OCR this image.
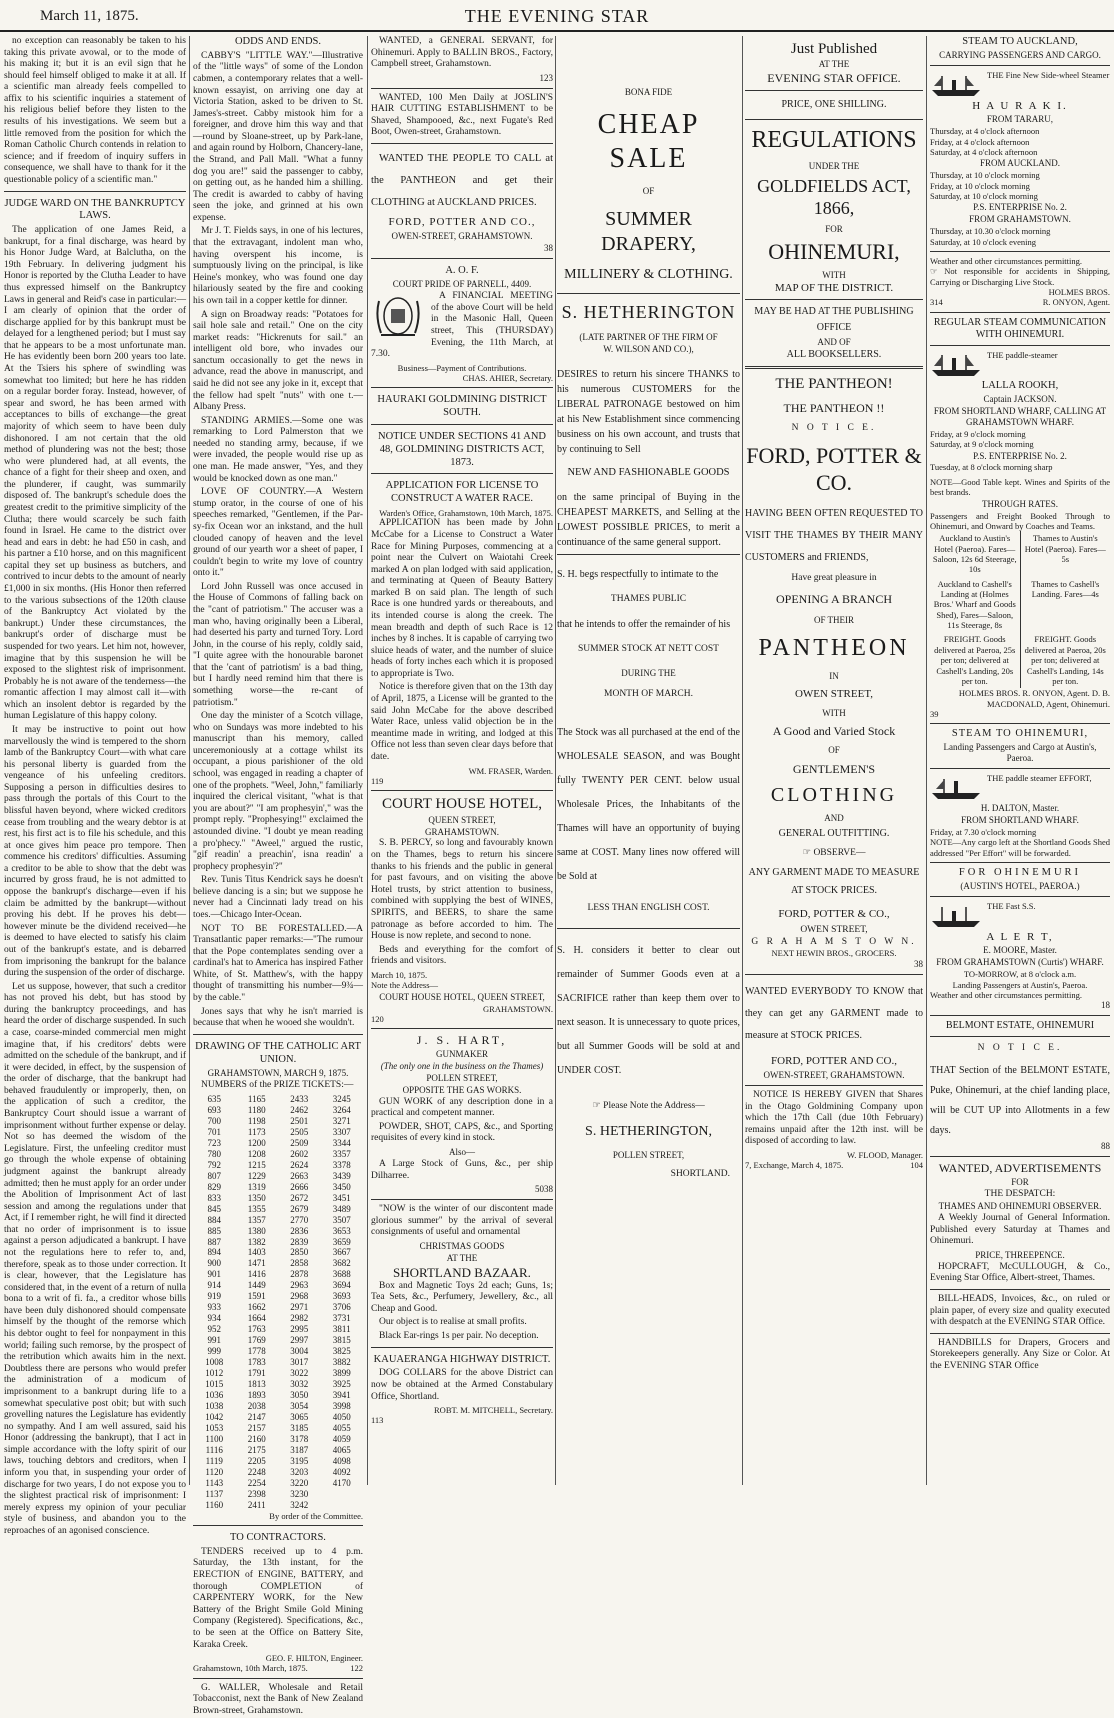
March 11, 1875.	THE EVENING STAR

no exception can reasonably be taken to his taking this private avowal, or to the mode of his making it; but it is an evil sign that he should feel himself obliged to make it at all. If a scientific man already feels compelled to affix to his scientific inquiries a statement of his religious belief before they listen to the results of his investigations. We seem but a little removed from the position for which the Roman Catholic Church contends in relation to science; and if freedom of inquiry suffers in consequence, we shall have to thank for it the questionable policy of a scientific man."

JUDGE WARD ON THE BANKRUPTCY LAWS.

The application of one James Reid, a bankrupt, for a final discharge, was heard by his Honor Judge Ward, at Balclutha, on the 19th February. In delivering judgment his Honor is reported by the Clutha Leader to have thus expressed himself on the Bankruptcy Laws in general and Reid's case in particular:—I am clearly of opinion that the order of discharge applied for by this bankrupt must be delayed for a lengthened period; but I must say that he appears to be a most unfortunate man. He has evidently been born 200 years too late. At the Tsiers his sphere of swindling was somewhat too limited; but here he has ridden on a regular border foray. Instead, however, of spear and sword, he has been armed with acceptances to bills of exchange—the great majority of which seem to have been duly dishonored. I am not certain that the old method of plundering was not the best; those who were plundered had, at all events, the chance of a fight for their sheep and oxen, and the plunderer, if caught, was summarily disposed of. The bankrupt's schedule does the greatest credit to the primitive simplicity of the Clutha; there would scarcely be such faith found in Israel. He came to the district over head and ears in debt: he had £50 in cash, and his partner a £10 horse, and on this magnificent capital they set up business as butchers, and contrived to incur debts to the amount of nearly £1,000 in six months. (His Honor then referred to the various subsections of the 120th clause of the Bankruptcy Act violated by the bankrupt.) Under these circumstances, the bankrupt's order of discharge must be suspended for two years. Let him not, however, imagine that by this suspension he will be exposed to the slightest risk of imprisonment. Probably he is not aware of the tenderness—the romantic affection I may almost call it—with which an insolent debtor is regarded by the human Legislature of this happy colony.

It may be instructive to point out how marvellously the wind is tempered to the shorn lamb of the Bankruptcy Court—with what care his personal liberty is guarded from the vengeance of his unfeeling creditors. Supposing a person in difficulties desires to pass through the portals of this Court to the blissful haven beyond, where wicked creditors cease from troubling and the weary debtor is at rest, his first act is to file his schedule, and this at once gives him peace pro tempore. Then commence his creditors' difficulties. Assuming a creditor to be able to show that the debt was incurred by gross fraud, he is not admitted to oppose the bankrupt's discharge—even if his claim be admitted by the bankrupt—without proving his debt. If he proves his debt—however minute be the dividend received—he is deemed to have elected to satisfy his claim out of the bankrupt's estate, and is debarred from imprisoning the bankrupt for the balance during the suspension of the order of discharge.

Let us suppose, however, that such a creditor has not proved his debt, but has stood by during the bankruptcy proceedings, and has heard the order of discharge suspended. In such a case, coarse-minded commercial men might imagine that, if his creditors' debts were admitted on the schedule of the bankrupt, and if it were decided, in effect, by the suspension of the order of discharge, that the bankrupt had behaved fraudulently or improperly, then, on the application of such a creditor, the Bankruptcy Court should issue a warrant of imprisonment without further expense or delay. Not so has deemed the wisdom of the Legislature. First, the unfeeling creditor must go through the whole expense of obtaining judgment against the bankrupt already admitted; then he must apply for an order under the Abolition of Imprisonment Act of last session and among the regulations under that Act, if I remember right, he will find it directed that no order of imprisonment is to issue against a person adjudicated a bankrupt. I have not the regulations here to refer to, and, therefore, speak as to those under correction. It is clear, however, that the Legislature has considered that, in the event of a return of nulla bona to a writ of fi. fa., a creditor whose bills have been duly dishonored should compensate himself by the thought of the remorse which his debtor ought to feel for nonpayment in this world; failing such remorse, by the prospect of the retribution which awaits him in the next. Doubtless there are persons who would prefer the administration of a modicum of imprisonment to a bankrupt during life to a somewhat speculative post obit; but with such grovelling natures the Legislature has evidently no sympathy. And I am well assured, said his Honor (addressing the bankrupt), that I act in simple accordance with the lofty spirit of our laws, touching debtors and creditors, when I inform you that, in suspending your order of discharge for two years, I do not expose you to the slightest practical risk of imprisonment: I merely express my opinion of your peculiar style of business, and abandon you to the reproaches of an agonised conscience.

ODDS AND ENDS.

CABBY'S "LITTLE WAY."—Illustrative of the "little ways" of some of the London cabmen, a contemporary relates that a well-known essayist, on arriving one day at Victoria Station, asked to be driven to St. James's-street. Cabby mistook him for a foreigner, and drove him this way and that—round by Sloane-street, up by Park-lane, and again round by Holborn, Chancery-lane, the Strand, and Pall Mall. "What a funny dog you are!" said the passenger to cabby, on getting out, as he handed him a shilling. The credit is awarded to cabby of having seen the joke, and grinned at his own expense.

Mr J. T. Fields says, in one of his lectures, that the extravagant, indolent man who, having overspent his income, is sumptuously living on the principal, is like Heine's monkey, who was found one day hilariously seated by the fire and cooking his own tail in a copper kettle for dinner.

A sign on Broadway reads: "Potatoes for sail hole sale and retail." One on the city market reads: "Hickrenuts for sail." an intelligent old bore, who invades our sanctum occasionally to get the news in advance, read the above in manuscript, and said he did not see any joke in it, except that the fellow had spelt "nuts" with one t.—Albany Press.

STANDING ARMIES.—Some one was remarking to Lord Palmerston that we needed no standing army, because, if we were invaded, the people would rise up as one man. He made answer, "Yes, and they would be knocked down as one man."

LOVE OF COUNTRY.—A Western stump orator, in the course of one of his speeches remarked, "Gentlemen, if the Par-sy-fix Ocean wor an inkstand, and the hull clouded canopy of heaven and the level ground of our yearth wor a sheet of paper, I couldn't begin to write my love of country onto it."

Lord John Russell was once accused in the House of Commons of falling back on the "cant of patriotism." The accuser was a man who, having originally been a Liberal, had deserted his party and turned Tory. Lord John, in the course of his reply, coldly said, "I quite agree with the honourable baronet that the 'cant of patriotism' is a bad thing, but I hardly need remind him that there is something worse—the re-cant of patriotism."

One day the minister of a Scotch village, who on Sundays was more indebted to his manuscript than his memory, called unceremoniously at a cottage whilst its occupant, a pious parishioner of the old school, was engaged in reading a chapter of one of the prophets. "Weel, John," familiarly inquired the clerical visitant, "what is that you are about?" "I am prophesyin'," was the prompt reply. "Prophesying!" exclaimed the astounded divine. "I doubt ye mean reading a pro'phecy." "Aweel," argued the rustic, "gif readin' a preachin', isna readin' a prophecy prophesyin'?"

Rev. Tunis Titus Kendrick says he doesn't believe dancing is a sin; but we suppose he never had a Cincinnati lady tread on his toes.—Chicago Inter-Ocean.

NOT TO BE FORESTALLED.—A Transatlantic paper remarks:—"The rumour that the Pope contemplates sending over a cardinal's hat to America has inspired Father White, of St. Matthew's, with the happy thought of transmitting his number—9¾—by the cable."

Jones says that why he isn't married is because that when he wooed she wouldn't.

DRAWING OF THE CATHOLIC ART UNION.
GRAHAMSTOWN, MARCH 9, 1875.

NUMBERS of the PRIZE TICKETS:—

635	1165	2433	3245
693	1180	2462	3264
700	1198	2501	3271
701	1173	2505	3307
723	1200	2509	3344
780	1208	2602	3357
792	1215	2624	3378
807	1229	2663	3439
829	1319	2666	3450
833	1350	2672	3451
845	1355	2679	3489
884	1357	2770	3507
885	1380	2836	3653
887	1382	2839	3659
894	1403	2850	3667
900	1471	2858	3682
901	1416	2878	3688
914	1449	2963	3694
919	1591	2968	3693
933	1662	2971	3706
934	1664	2982	3731
952	1763	2995	3811
991	1769	2997	3815
999	1778	3004	3825
1008	1783	3017	3882
1012	1791	3022	3899
1015	1813	3032	3925
1036	1893	3050	3941
1038	2038	3054	3998
1042	2147	3065	4050
1053	2157	3185	4055
1100	2160	3178	4059
1116	2175	3187	4065
1119	2205	3195	4098
1120	2248	3203	4092
1143	2254	3220	4170
1137	2398	3230	
1160	2411	3242	
By order of the Committee.
TO CONTRACTORS.

TENDERS received up to 4 p.m. Saturday, the 13th instant, for the ERECTION of ENGINE, BATTERY, and thorough COMPLETION of CARPENTERY WORK, for the New Battery of the Bright Smile Gold Mining Company (Registered). Specifications, &c., to be seen at the Office on Battery Site, Karaka Creek.

GEO. F. HILTON, Engineer.
Grahamstown, 10th March, 1875.	122

G. WALLER, Wholesale and Retail Tobacconist, next the Bank of New Zealand Brown-street, Grahamstown.

WANTED, a GENERAL SERVANT, for Ohinemuri. Apply to BALLIN BROS., Factory, Campbell street, Grahamstown.

123

WANTED, 100 Men Daily at JOSLIN'S HAIR CUTTING ESTABLISHMENT to be Shaved, Shampooed, &c., next Fugate's Red Boot, Owen-street, Grahamstown.

WANTED THE PEOPLE TO CALL at the PANTHEON and get their CLOTHING at AUCKLAND PRICES.

FORD, POTTER AND CO.,
OWEN-STREET, GRAHAMSTOWN.
38
A. O. F.
COURT PRIDE OF PARNELL, 4409.

A FINANCIAL MEETING of the above Court will be held in the Masonic Hall, Queen street, This (THURSDAY) Evening, the 11th March, at 7.30.

Business—Payment of Contributions.
CHAS. AHIER, Secretary.
HAURAKI GOLDMINING DISTRICT SOUTH.
NOTICE UNDER SECTIONS 41 AND 48, GOLDMINING DISTRICTS ACT, 1873.
APPLICATION FOR LICENSE TO CONSTRUCT A WATER RACE.
Warden's Office, Grahamstown, 10th March, 1875.

APPLICATION has been made by John McCabe for a License to Construct a Water Race for Mining Purposes, commencing at a point near the Culvert on Waiotahi Creek marked A on plan lodged with said application, and terminating at Queen of Beauty Battery marked B on said plan. The length of such Race is one hundred yards or thereabouts, and its intended course is along the creek. The mean breadth and depth of such Race is 12 inches by 8 inches. It is capable of carrying two sluice heads of water, and the number of sluice heads of forty inches each which it is proposed to appropriate is Two.

Notice is therefore given that on the 13th day of April, 1875, a License will be granted to the said John McCabe for the above described Water Race, unless valid objection be in the meantime made in writing, and lodged at this Office not less than seven clear days before that date.

WM. FRASER, Warden.
119
COURT HOUSE HOTEL,
QUEEN STREET,
GRAHAMSTOWN.

S. B. PERCY, so long and favourably known on the Thames, begs to return his sincere thanks to his friends and the public in general for past favours, and on visiting the above Hotel trusts, by strict attention to business, combined with supplying the best of WINES, SPIRITS, and BEERS, to share the same patronage as before accorded to him. The House is now replete, and second to none.

Beds and everything for the comfort of friends and visitors.

March 10, 1875.
Note the Address—
COURT HOUSE HOTEL, QUEEN STREET,
GRAHAMSTOWN.
120
J. S. HART,
GUNMAKER
(The only one in the business on the Thames)
POLLEN STREET,
OPPOSITE THE GAS WORKS.

GUN WORK of any description done in a practical and competent manner.

POWDER, SHOT, CAPS, &c., and Sporting requisites of every kind in stock.

Also—

A Large Stock of Guns, &c., per ship Dilharree.

5038

"NOW is the winter of our discontent made glorious summer" by the arrival of several consignments of useful and ornamental

CHRISTMAS GOODS
AT THE
SHORTLAND BAZAAR.

Box and Magnetic Toys 2d each; Guns, 1s; Tea Sets, &c., Perfumery, Jewellery, &c., all Cheap and Good.

Our object is to realise at small profits.

Black Ear-rings 1s per pair. No deception.

KAUAERANGA HIGHWAY DISTRICT.

DOG COLLARS for the above District can now be obtained at the Armed Constabulary Office, Shortland.

ROBT. M. MITCHELL, Secretary.
113
BONA FIDE
CHEAP SALE
OF
SUMMER DRAPERY,
MILLINERY & CLOTHING.
S. HETHERINGTON
(LATE PARTNER OF THE FIRM OF
W. WILSON AND CO.),
DESIRES to return his sincere THANKS to his numerous CUSTOMERS for the LIBERAL PATRONAGE bestowed on him at his New Establishment since commencing business on his own account, and trusts that by continuing to Sell
NEW AND FASHIONABLE GOODS
on the same principal of Buying in the CHEAPEST MARKETS, and Selling at the LOWEST POSSIBLE PRICES, to merit a continuance of the same general support.
S. H. begs respectfully to intimate to the
THAMES PUBLIC
that he intends to offer the remainder of his
SUMMER STOCK AT NETT COST
DURING THE
MONTH OF MARCH.
The Stock was all purchased at the end of the WHOLESALE SEASON, and was Bought fully TWENTY PER CENT. below usual Wholesale Prices, the Inhabitants of the Thames will have an opportunity of buying same at COST. Many lines now offered will be Sold at
LESS THAN ENGLISH COST.
S. H. considers it better to clear out remainder of Summer Goods even at a SACRIFICE rather than keep them over to next season. It is unnecessary to quote prices, but all Summer Goods will be sold at and UNDER COST.
☞ Please Note the Address—
S. HETHERINGTON,
POLLEN STREET,
SHORTLAND.
Just Published
AT THE
EVENING STAR OFFICE.
PRICE, ONE SHILLING.
REGULATIONS
UNDER THE
GOLDFIELDS ACT, 1866,
FOR
OHINEMURI,
WITH
MAP OF THE DISTRICT.
MAY BE HAD AT THE PUBLISHING OFFICE
AND OF
ALL BOOKSELLERS.
THE PANTHEON!
THE PANTHEON !!
N O T I C E.
FORD, POTTER & CO.
HAVING BEEN OFTEN REQUESTED TO VISIT THE THAMES BY THEIR MANY CUSTOMERS and FRIENDS,
Have great pleasure in
OPENING A BRANCH
OF THEIR
PANTHEON
IN
OWEN STREET,
WITH
A Good and Varied Stock
OF
GENTLEMEN'S
CLOTHING
AND
GENERAL OUTFITTING.
☞ OBSERVE—
ANY GARMENT MADE TO MEASURE AT STOCK PRICES.
FORD, POTTER & CO.,
OWEN STREET,
G R A H A M S T O W N.
NEXT HEWIN BROS., GROCERS.
38
WANTED EVERYBODY TO KNOW that they can get any GARMENT made to measure at STOCK PRICES.
FORD, POTTER AND CO.,
OWEN-STREET, GRAHAMSTOWN.

NOTICE IS HEREBY GIVEN that Shares in the Otago Goldmining Company upon which the 17th Call (due 10th February) remains unpaid after the 12th inst. will be disposed of according to law.

W. FLOOD, Manager.
7, Exchange, March 4, 1875.	104
STEAM TO AUCKLAND,
CARRYING PASSENGERS AND CARGO.
THE Fine New Side-wheel Steamer
H A U R A K I.
FROM TARARU,
Thursday, at 4 o'clock afternoon
Friday, at 4 o'clock afternoon
Saturday, at 4 o'clock afternoon
FROM AUCKLAND.
Thursday, at 10 o'clock morning
Friday, at 10 o'clock morning
Saturday, at 10 o'clock morning
P.S. ENTERPRISE No. 2.
FROM GRAHAMSTOWN.
Thursday, at 10.30 o'clock morning
Saturday, at 10 o'clock evening
Weather and other circumstances permitting.
☞ Not responsible for accidents in Shipping, Carrying or Discharging Live Stock.
HOLMES BROS.
314	R. ONYON, Agent.
REGULAR STEAM COMMUNICATION WITH OHINEMURI.
THE paddle-steamer
LALLA ROOKH,
Captain JACKSON.
FROM SHORTLAND WHARF, CALLING AT GRAHAMSTOWN WHARF.
Friday, at 9 o'clock morning
Saturday, at 9 o'clock morning
P.S. ENTERPRISE No. 2.
Tuesday, at 8 o'clock morning sharp
NOTE—Good Table kept. Wines and Spirits of the best brands.
THROUGH RATES.
Passengers and Freight Booked Through to Ohinemuri, and Onward by Coaches and Teams.
Auckland to Austin's Hotel (Paeroa). Fares—Saloon, 12s 6d Steerage, 10s	Thames to Austin's Hotel (Paeroa). Fares—5s
Auckland to Cashell's Landing at (Holmes Bros.' Wharf and Goods Shed), Fares—Saloon, 11s Steerage, 8s	Thames to Cashell's Landing. Fares—4s
FREIGHT. Goods delivered at Paeroa, 25s per ton; delivered at Cashell's Landing, 20s per ton.	FREIGHT. Goods delivered at Paeroa, 20s per ton; delivered at Cashell's Landing, 14s per ton.
HOLMES BROS. R. ONYON, Agent. D. B. MACDONALD, Agent, Ohinemuri.
39
STEAM TO OHINEMURI,
Landing Passengers and Cargo at Austin's, Paeroa.
THE paddle steamer EFFORT,
H. DALTON, Master.
FROM SHORTLAND WHARF.
Friday, at 7.30 o'clock morning
NOTE—Any cargo left at the Shortland Goods Shed addressed "Per Effort" will be forwarded.
FOR OHINEMURI
(AUSTIN'S HOTEL, PAEROA.)
THE Fast S.S.
A L E R T,
E. MOORE, Master.
FROM GRAHAMSTOWN (Curtis') WHARF.
TO-MORROW, at 8 o'clock a.m.
Landing Passengers at Austin's, Paeroa.
Weather and other circumstances permitting.
18
BELMONT ESTATE, OHINEMURI
N O T I C E.
THAT Section of the BELMONT ESTATE, Puke, Ohinemuri, at the chief landing place, will be CUT UP into Allotments in a few days.
88
WANTED, ADVERTISEMENTS
FOR
THE DESPATCH:
THAMES AND OHINEMURI OBSERVER.

A Weekly Journal of General Information. Published every Saturday at Thames and Ohinemuri.

PRICE, THREEPENCE.

HOPCRAFT, McCULLOUGH, & Co., Evening Star Office, Albert-street, Thames.

BILL-HEADS, Invoices, &c., on ruled or plain paper, of every size and quality executed with despatch at the EVENING STAR Office.

HANDBILLS for Drapers, Grocers and Storekeepers generally. Any Size or Color. At the EVENING STAR Office
